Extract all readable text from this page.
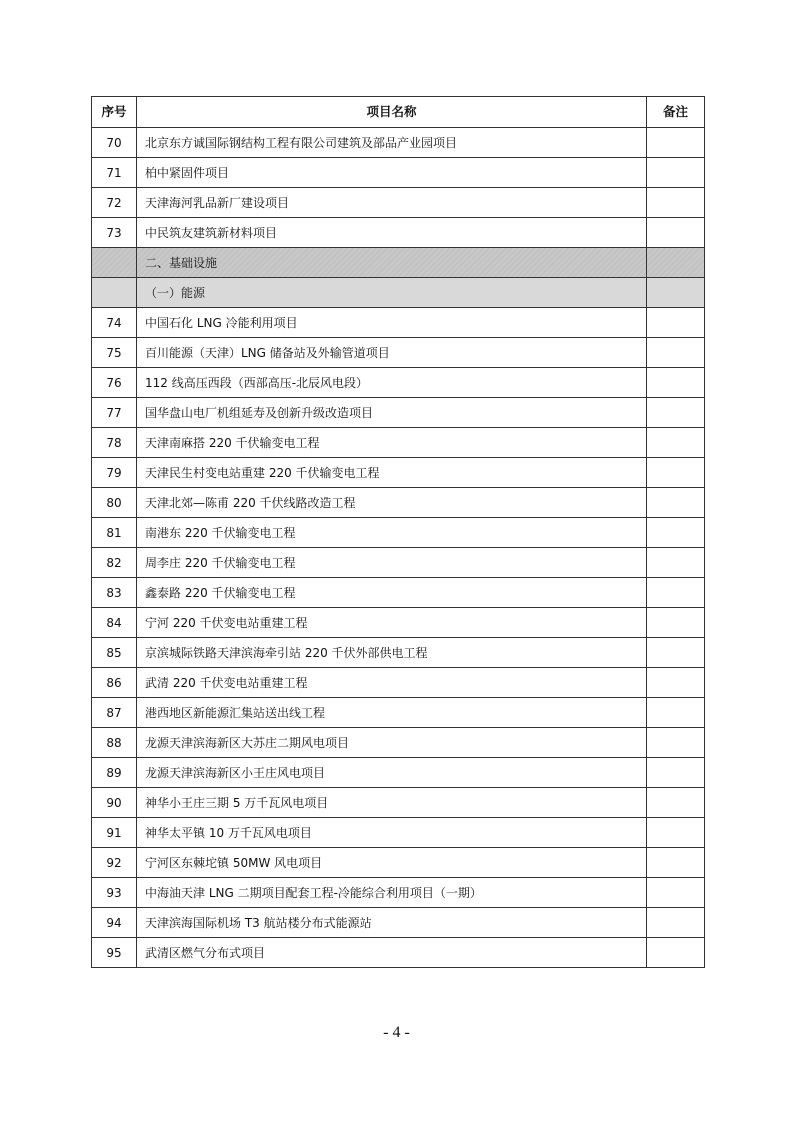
序号	项目名称	备注
70	北京东方诚国际钢结构工程有限公司建筑及部品产业园项目	
71	柏中紧固件项目	
72	天津海河乳品新厂建设项目	
73	中民筑友建筑新材料项目	
	二、基础设施	
	（一）能源	
74	中国石化 LNG 冷能利用项目	
75	百川能源（天津）LNG 储备站及外输管道项目	
76	112 线高压西段（西部高压-北辰风电段）	
77	国华盘山电厂机组延寿及创新升级改造项目	
78	天津南麻搭 220 千伏输变电工程	
79	天津民生村变电站重建 220 千伏输变电工程	
80	天津北郊—陈甫 220 千伏线路改造工程	
81	南港东 220 千伏输变电工程	
82	周李庄 220 千伏输变电工程	
83	鑫泰路 220 千伏输变电工程	
84	宁河 220 千伏变电站重建工程	
85	京滨城际铁路天津滨海牵引站 220 千伏外部供电工程	
86	武清 220 千伏变电站重建工程	
87	港西地区新能源汇集站送出线工程	
88	龙源天津滨海新区大苏庄二期风电项目	
89	龙源天津滨海新区小王庄风电项目	
90	神华小王庄三期 5 万千瓦风电项目	
91	神华太平镇 10 万千瓦风电项目	
92	宁河区东棘坨镇 50MW 风电项目	
93	中海油天津 LNG 二期项目配套工程-冷能综合利用项目（一期）	
94	天津滨海国际机场 T3 航站楼分布式能源站	
95	武清区燃气分布式项目	
- 4 -
